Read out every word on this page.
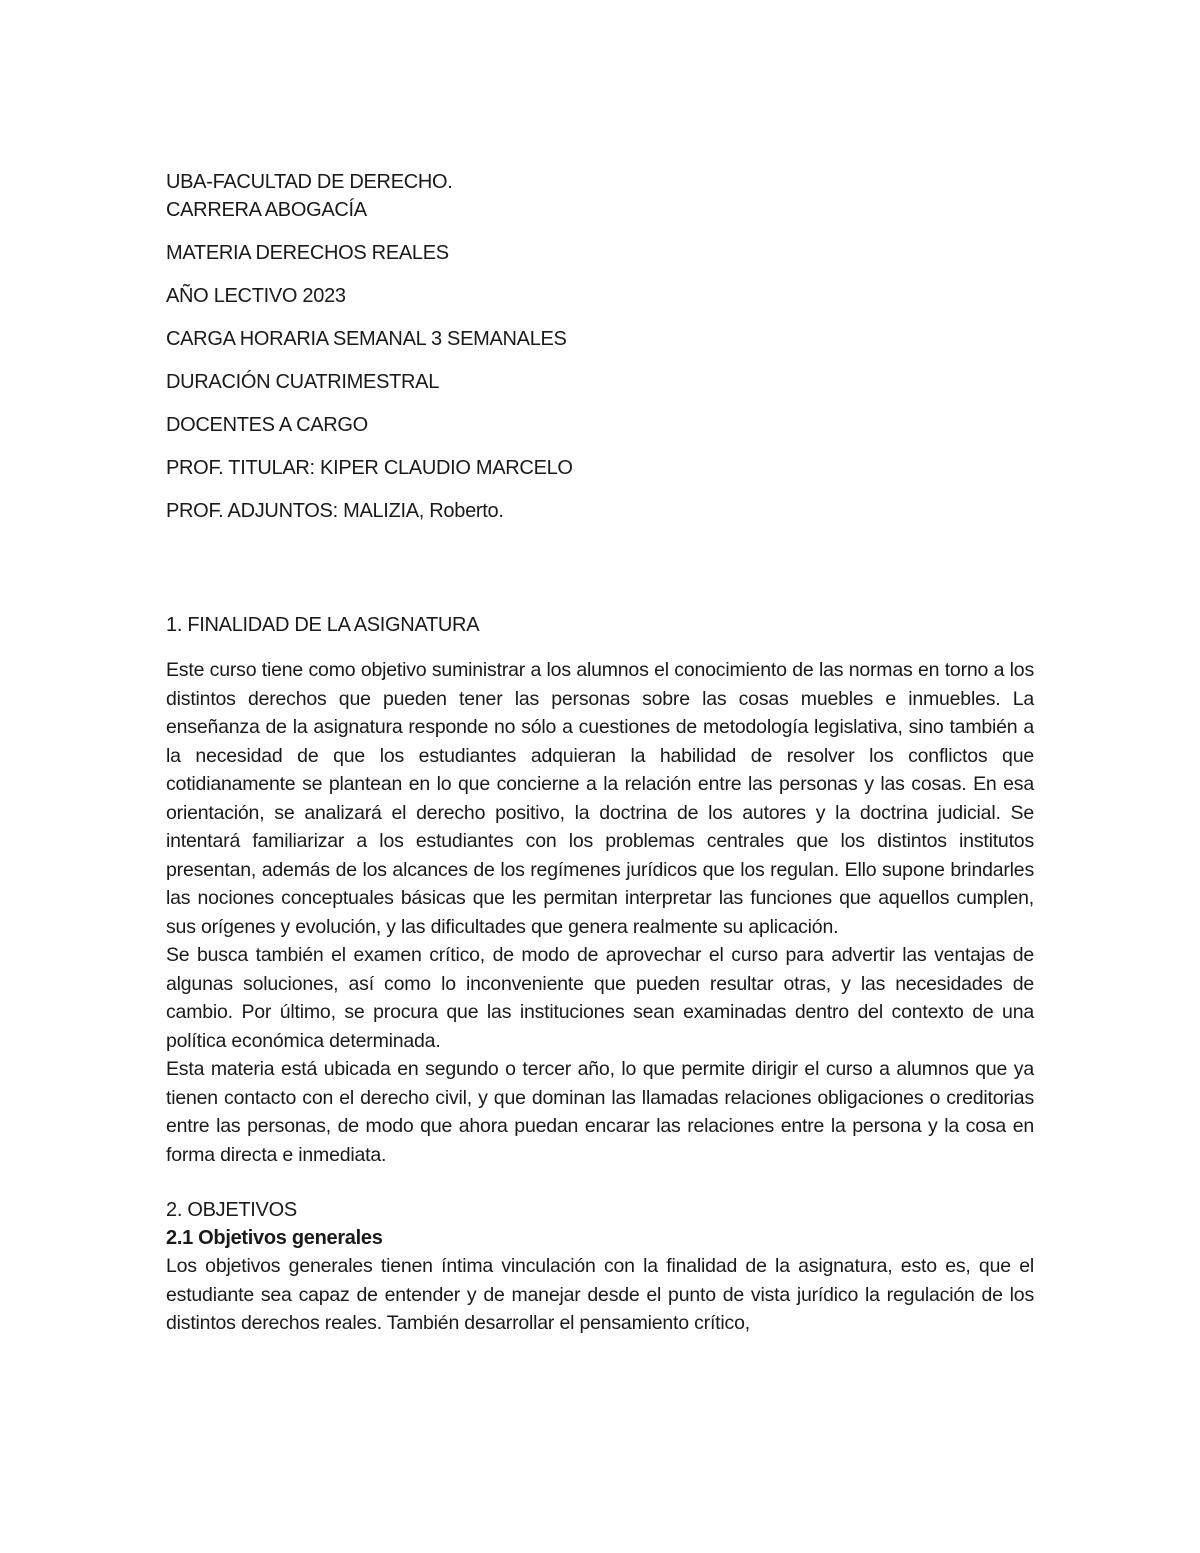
UBA-FACULTAD DE DERECHO.

CARRERA ABOGACÍA

MATERIA DERECHOS REALES

AÑO LECTIVO 2023

CARGA HORARIA SEMANAL 3 SEMANALES

DURACIÓN CUATRIMESTRAL

DOCENTES A CARGO

PROF. TITULAR: KIPER CLAUDIO MARCELO

PROF. ADJUNTOS: MALIZIA, Roberto.

1. FINALIDAD DE LA ASIGNATURA

Este curso tiene como objetivo suministrar a los alumnos el conocimiento de las normas en torno a los distintos derechos que pueden tener las personas sobre las cosas muebles e inmuebles. La enseñanza de la asignatura responde no sólo a cuestiones de metodología legislativa, sino también a la necesidad de que los estudiantes adquieran la habilidad de resolver los conflictos que cotidianamente se plantean en lo que concierne a la relación entre las personas y las cosas. En esa orientación, se analizará el derecho positivo, la doctrina de los autores y la doctrina judicial. Se intentará familiarizar a los estudiantes con los problemas centrales que los distintos institutos presentan, además de los alcances de los regímenes jurídicos que los regulan. Ello supone brindarles las nociones conceptuales básicas que les permitan interpretar las funciones que aquellos cumplen, sus orígenes y evolución, y las dificultades que genera realmente su aplicación.

Se busca también el examen crítico, de modo de aprovechar el curso para advertir las ventajas de algunas soluciones, así como lo inconveniente que pueden resultar otras, y las necesidades de cambio. Por último, se procura que las instituciones sean examinadas dentro del contexto de una política económica determinada.

Esta materia está ubicada en segundo o tercer año, lo que permite dirigir el curso a alumnos que ya tienen contacto con el derecho civil, y que dominan las llamadas relaciones obligaciones o creditorias entre las personas, de modo que ahora puedan encarar las relaciones entre la persona y la cosa en forma directa e inmediata.

2. OBJETIVOS

2.1 Objetivos generales

Los objetivos generales tienen íntima vinculación con la finalidad de la asignatura, esto es, que el estudiante sea capaz de entender y de manejar desde el punto de vista jurídico la regulación de los distintos derechos reales. También desarrollar el pensamiento crítico,
